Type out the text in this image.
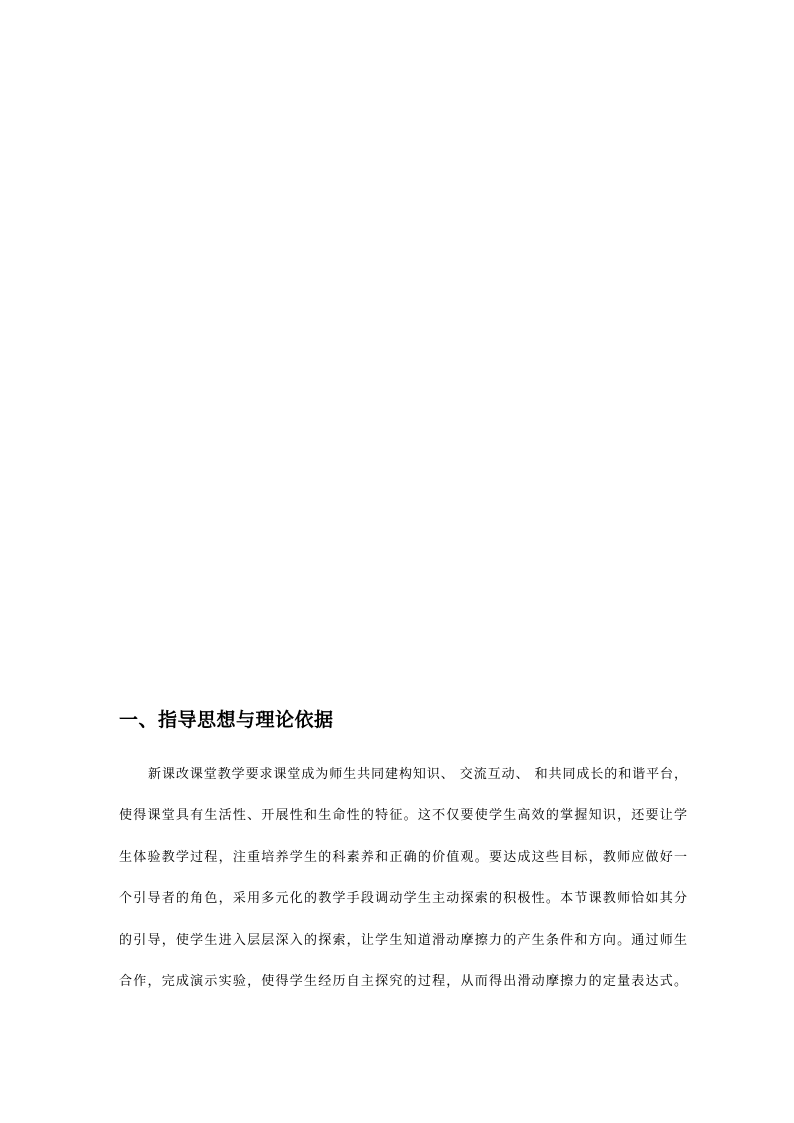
一、指导思想与理论依据
新课改课堂教学要求课堂成为师生共同建构知识、 交流互动、 和共同成长的和谐平台，
使得课堂具有生活性、开展性和生命性的特征。这不仅要使学生高效的掌握知识，还要让学
生体验教学过程，注重培养学生的科素养和正确的价值观。要达成这些目标，教师应做好一
个引导者的角色，采用多元化的教学手段调动学生主动探索的积极性。本节课教师恰如其分
的引导，使学生进入层层深入的探索，让学生知道滑动摩擦力的产生条件和方向。通过师生
合作，完成演示实验，使得学生经历自主探究的过程，从而得出滑动摩擦力的定量表达式。
